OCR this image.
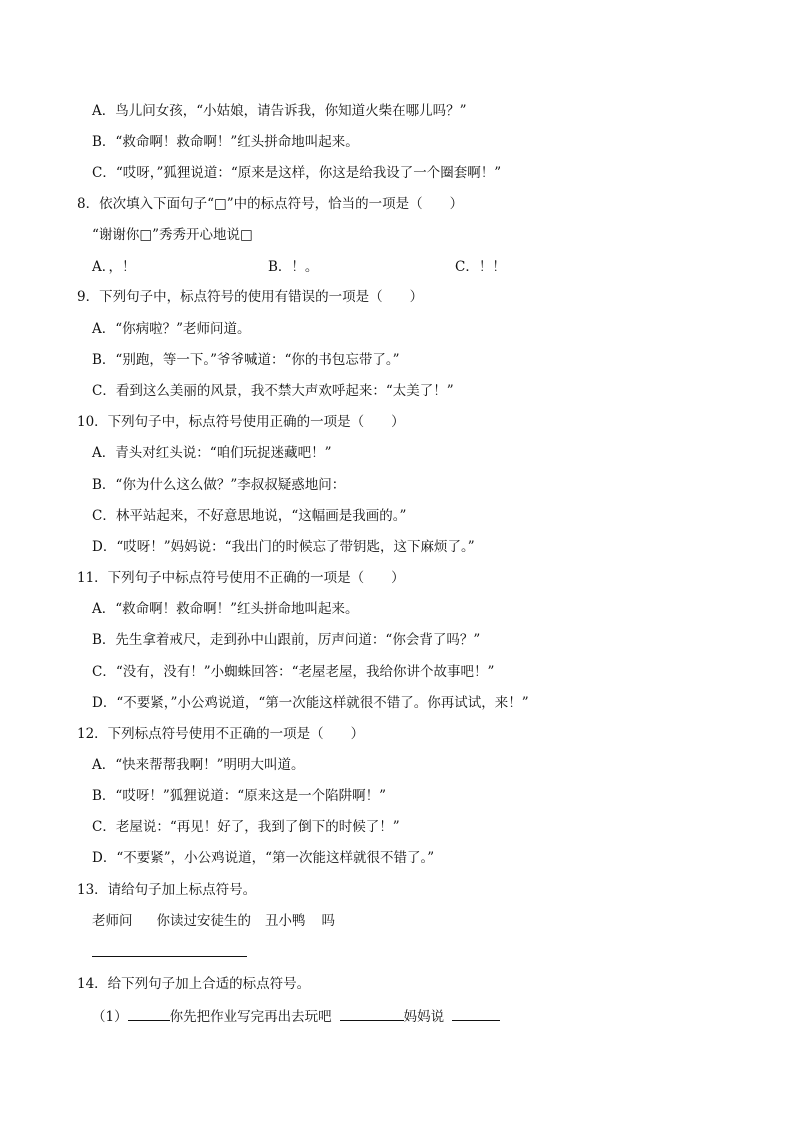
A．鸟儿问女孩，“小姑娘，请告诉我，你知道火柴在哪儿吗？”
B．“救命啊！救命啊！”红头拼命地叫起来。
C．“哎呀，”狐狸说道：“原来是这样，你这是给我设了一个圈套啊！”
8．依次填入下面句子“□”中的标点符号，恰当的一项是（　　）
“谢谢你□”秀秀开心地说□
A．，！	B．！。	C．！！
9．下列句子中，标点符号的使用有错误的一项是（　　）
A．“你病啦？”老师问道。
B．“别跑，等一下。”爷爷喊道：“你的书包忘带了。”
C．看到这么美丽的风景，我不禁大声欢呼起来：“太美了！”
10．下列句子中，标点符号使用正确的一项是（　　）
A．青头对红头说：“咱们玩捉迷藏吧！”
B．“你为什么这么做？”李叔叔疑惑地问：
C．林平站起来，不好意思地说，“这幅画是我画的。”
D．“哎呀！”妈妈说：“我出门的时候忘了带钥匙，这下麻烦了。”
11．下列句子中标点符号使用不正确的一项是（　　）
A．“救命啊！救命啊！”红头拼命地叫起来。
B．先生拿着戒尺，走到孙中山跟前，厉声问道：“你会背了吗？”
C．“没有，没有！”小蜘蛛回答：“老屋老屋，我给你讲个故事吧！”
D．“不要紧，”小公鸡说道，“第一次能这样就很不错了。你再试试，来！”
12．下列标点符号使用不正确的一项是（　　）
A．“快来帮帮我啊！”明明大叫道。
B．“哎呀！”狐狸说道：“原来这是一个陷阱啊！”
C．老屋说：“再见！好了，我到了倒下的时候了！”
D．“不要紧”，小公鸡说道，“第一次能这样就很不错了。”
13．请给句子加上标点符号。
老师问 你读过安徒生的 丑小鸭 吗
14．给下列句子加上合适的标点符号。
（1）	你先把作业写完再出去玩吧	妈妈说
